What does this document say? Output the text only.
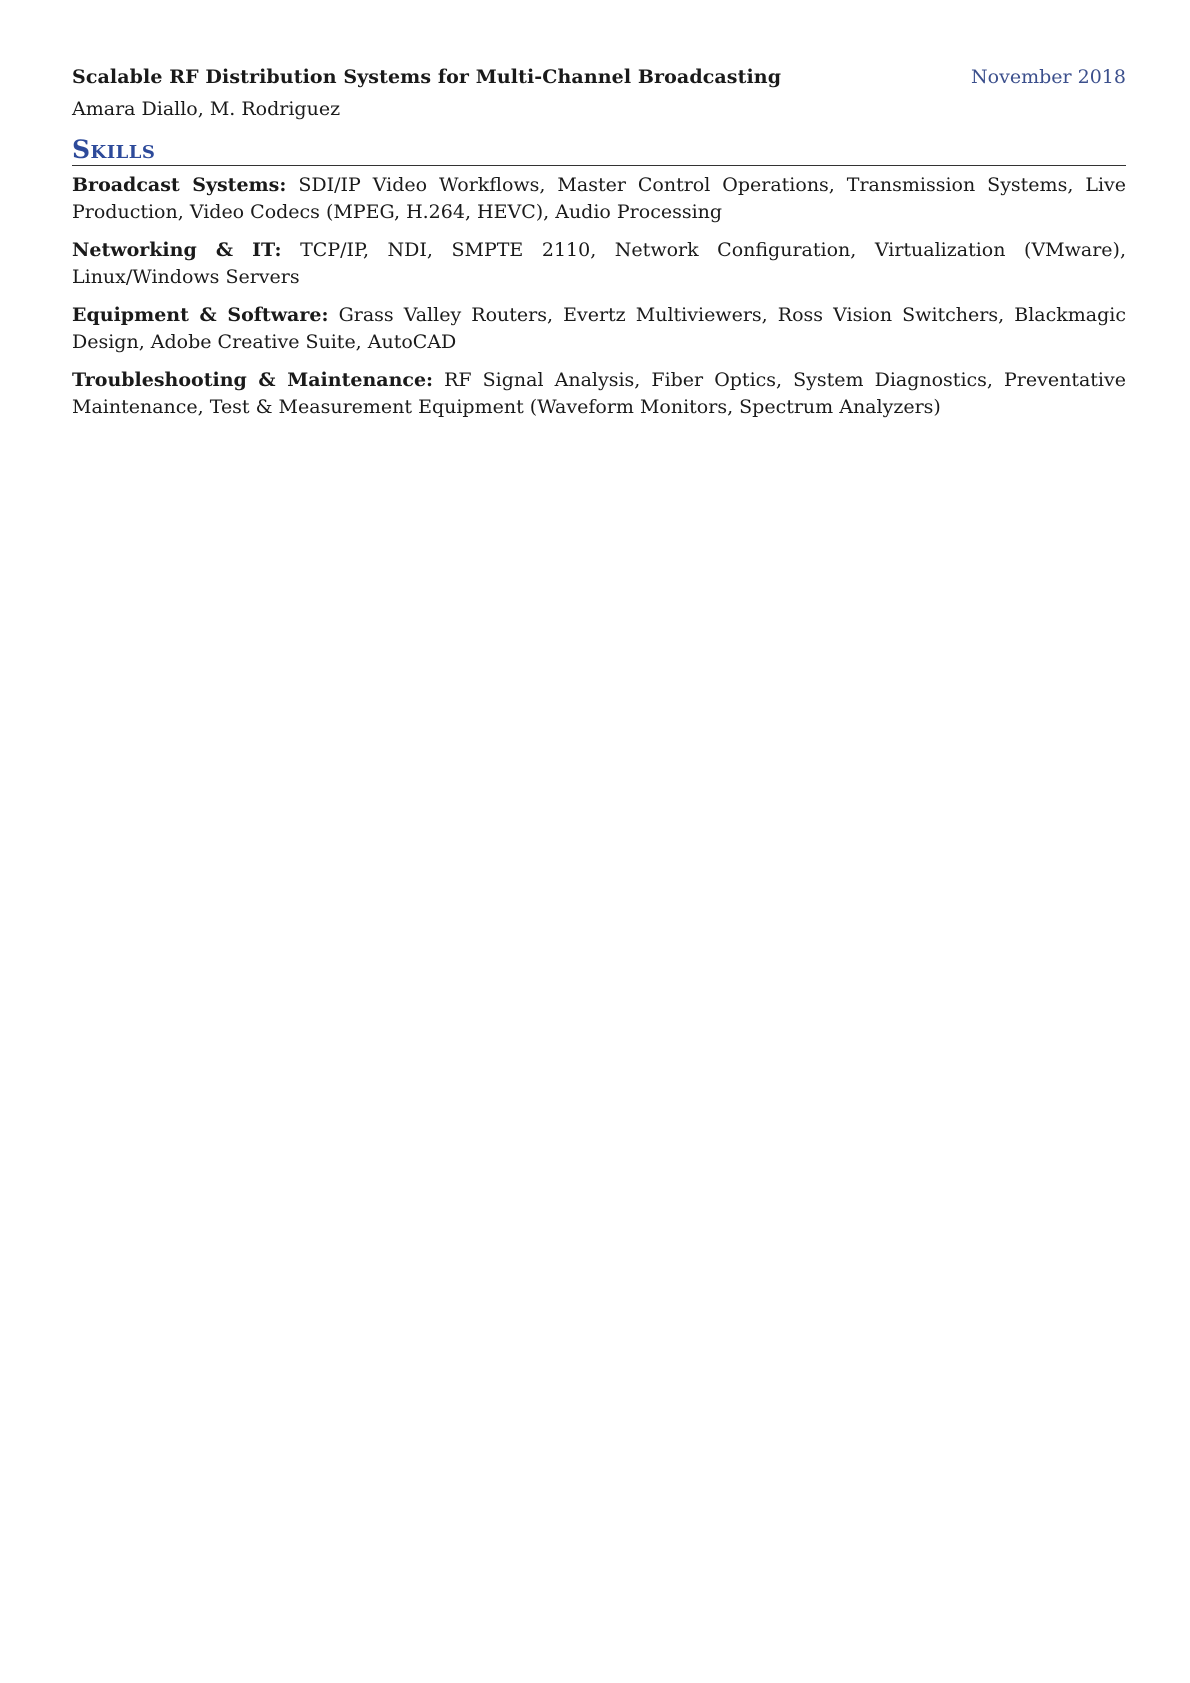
Scalable RF Distribution Systems for Multi-Channel Broadcasting	November 2018
Amara Diallo, M. Rodriguez
Skills
Broadcast Systems: SDI/IP Video Workflows, Master Control Operations, Transmission Systems, Live Production, Video Codecs (MPEG, H.264, HEVC), Audio Processing
Networking & IT: TCP/IP, NDI, SMPTE 2110, Network Configuration, Virtualization (VMware), Linux/Windows Servers
Equipment & Software: Grass Valley Routers, Evertz Multiviewers, Ross Vision Switchers, Blackmagic Design, Adobe Creative Suite, AutoCAD
Troubleshooting & Maintenance: RF Signal Analysis, Fiber Optics, System Diagnostics, Preventative Maintenance, Test & Measurement Equipment (Waveform Monitors, Spectrum Analyzers)
